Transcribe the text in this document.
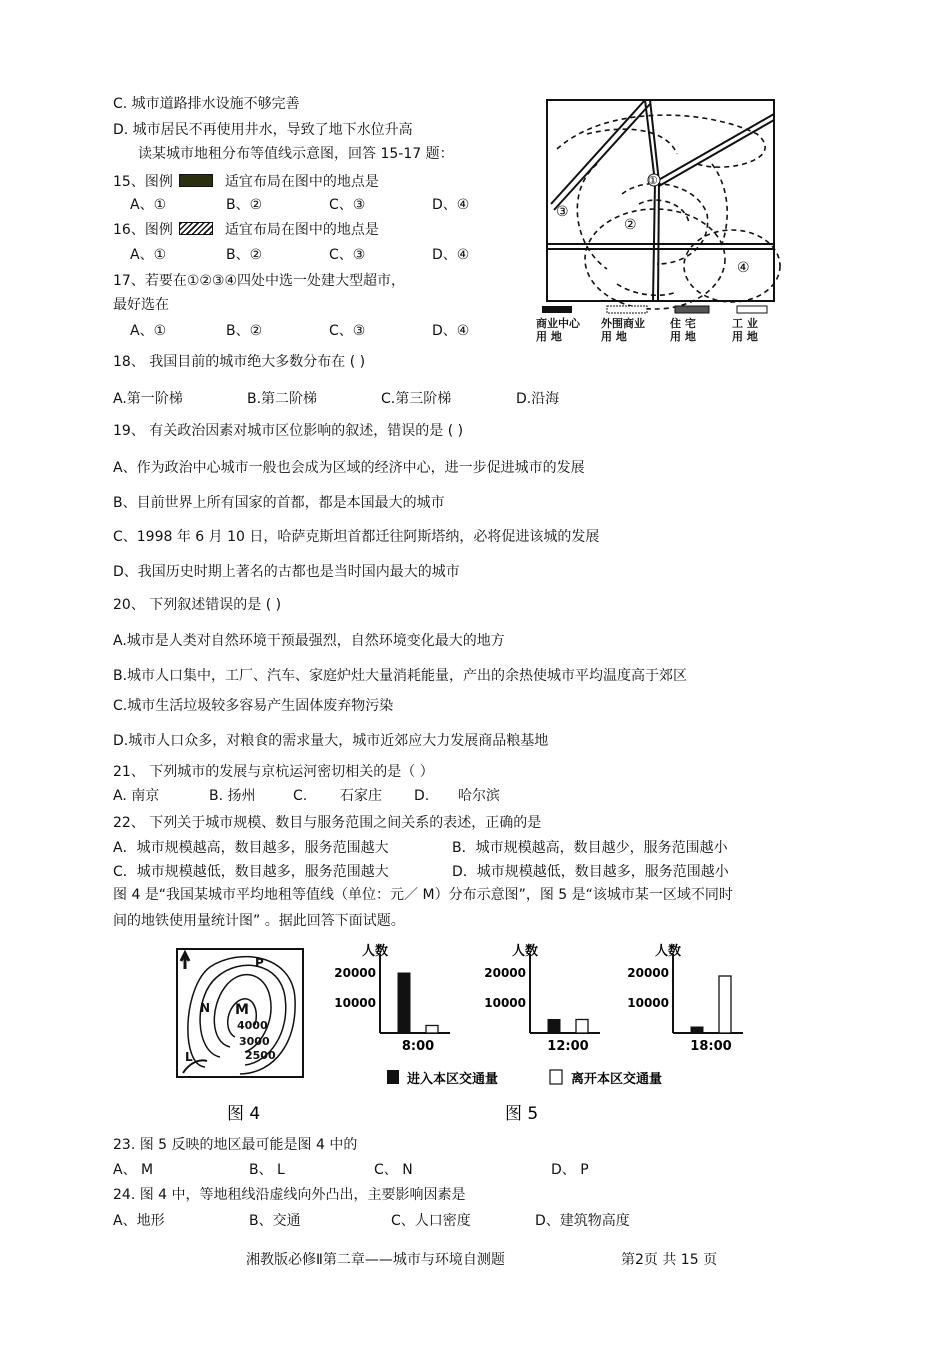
C. 城市道路排水设施不够完善
D. 城市居民不再使用井水，导致了地下水位升高
读某城市地租分布等值线示意图，回答 15-17 题：
15、图例	适宜布局在图中的地点是
A、①	B、②	C、③	D、④
16、图例	适宜布局在图中的地点是
A、①	B、②	C、③	D、④
17、若要在①②③④四处中选一处建大型超市，
最好选在
A、①	B、②	C、③	D、④
①
②
③
④
商业中心
用 地
外围商业
用 地
住 宅
用 地
工 业
用 地
18、 我国目前的城市绝大多数分布在 ( )
A.第一阶梯	B.第二阶梯	C.第三阶梯	D.沿海
19、 有关政治因素对城市区位影响的叙述，错误的是 ( )
A、作为政治中心城市一般也会成为区域的经济中心，进一步促进城市的发展
B、目前世界上所有国家的首都，都是本国最大的城市
C、1998 年 6 月 10 日，哈萨克斯坦首都迁往阿斯塔纳，必将促进该城的发展
D、我国历史时期上著名的古都也是当时国内最大的城市
20、 下列叙述错误的是 ( )
A.城市是人类对自然环境干预最强烈，自然环境变化最大的地方
B.城市人口集中，工厂、汽车、家庭炉灶大量消耗能量，产出的余热使城市平均温度高于郊区
C.城市生活垃圾较多容易产生固体废弃物污染
D.城市人口众多，对粮食的需求量大，城市近郊应大力发展商品粮基地
21、 下列城市的发展与京杭运河密切相关的是（ ）
A. 南京	B. 扬州	C. 石家庄 D. 哈尔滨
22、 下列关于城市规模、数目与服务范围之间关系的表述，正确的是
A．城市规模越高，数目越多，服务范围越大	B．城市规模越高，数目越少，服务范围越小
C．城市规模越低，数目越多，服务范围越大	D．城市规模越低，数目越多，服务范围越小
图 4 是“我国某城市平均地租等值线（单位：元／ M）分布示意图”，图 5 是“该城市某一区域不同时
间的地铁使用量统计图” 。据此回答下面试题。
P
N M
L
4000
3000
2500
图 4
人数
10000
20000
8:00
人数
10000
20000
12:00
人数
10000
20000
18:00
进入本区交通量	离开本区交通量
图 5
23. 图 5 反映的地区最可能是图 4 中的
A、 M	B、 L	C、 N	D、 P
24. 图 4 中，等地租线沿虚线向外凸出，主要影响因素是
A、地形	B、交通	C、人口密度	D、建筑物高度
湘教版必修Ⅱ第二章——城市与环境自测题	第2页 共 15 页
